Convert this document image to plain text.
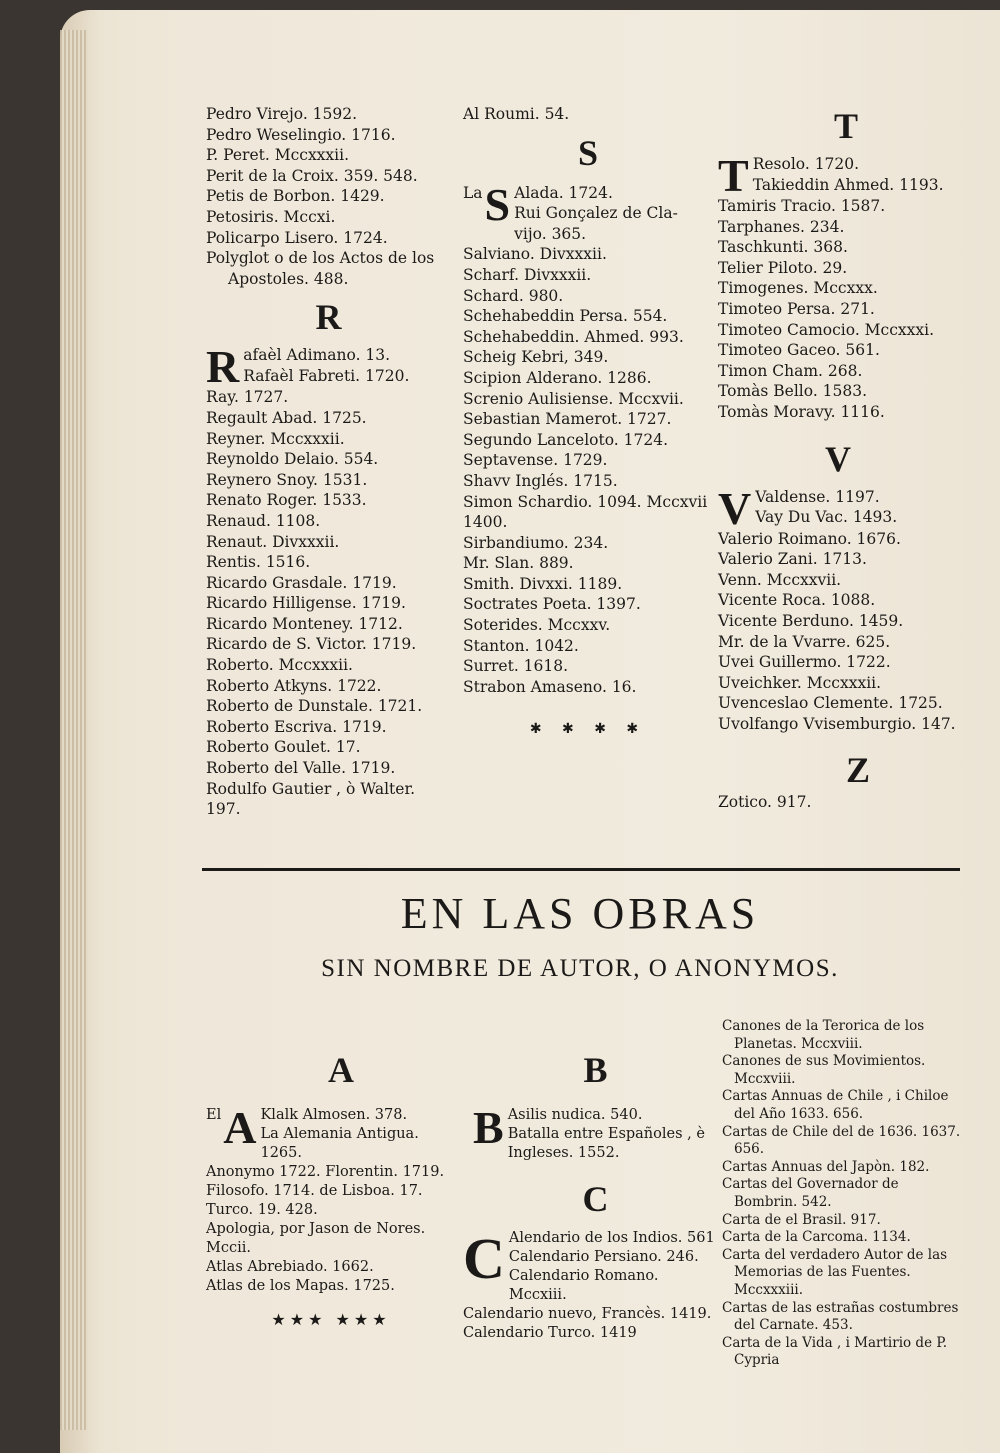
Pedro Virejo. 1592.
Pedro Weselingio. 1716.
P. Peret. Mccxxxii.
Perit de la Croix. 359. 548.
Petis de Borbon. 1429.
Petosiris. Mccxi.
Policarpo Lisero. 1724.
Polyglot o de los Actos de los
Apostoles. 488.
R
R afaèl Adimano. 13.
Rafaèl Fabreti. 1720.
Ray. 1727.
Regault Abad. 1725.
Reyner. Mccxxxii.
Reynoldo Delaio. 554.
Reynero Snoy. 1531.
Renato Roger. 1533.
Renaud. 1108.
Renaut. Divxxxii.
Rentis. 1516.
Ricardo Grasdale. 1719.
Ricardo Hilligense. 1719.
Ricardo Monteney. 1712.
Ricardo de S. Victor. 1719.
Roberto. Mccxxxii.
Roberto Atkyns. 1722.
Roberto de Dunstale. 1721.
Roberto Escriva. 1719.
Roberto Goulet. 17.
Roberto del Valle. 1719.
Rodulfo Gautier , ò Walter.
197.
Al Roumi. 54.
S
La S Alada. 1724.
Rui Gonçalez de Cla-
vijo. 365.
Salviano. Divxxxii.
Scharf. Divxxxii.
Schard. 980.
Schehabeddin Persa. 554.
Schehabeddin. Ahmed. 993.
Scheig Kebri, 349.
Scipion Alderano. 1286.
Screnio Aulisiense. Mccxvii.
Sebastian Mamerot. 1727.
Segundo Lanceloto. 1724.
Septavense. 1729.
Shavv Inglés. 1715.
Simon Schardio. 1094. Mccxvii
1400.
Sirbandiumo. 234.
Mr. Slan. 889.
Smith. Divxxi. 1189.
Soctrates Poeta. 1397.
Soterides. Mccxxv.
Stanton. 1042.
Surret. 1618.
Strabon Amaseno. 16.
✱ ✱ ✱ ✱
T
T Resolo. 1720.
Takieddin Ahmed. 1193.
Tamiris Tracio. 1587.
Tarphanes. 234.
Taschkunti. 368.
Telier Piloto. 29.
Timogenes. Mccxxx.
Timoteo Persa. 271.
Timoteo Camocio. Mccxxxi.
Timoteo Gaceo. 561.
Timon Cham. 268.
Tomàs Bello. 1583.
Tomàs Moravy. 1116.
V
V Valdense. 1197.
Vay Du Vac. 1493.
Valerio Roimano. 1676.
Valerio Zani. 1713.
Venn. Mccxxvii.
Vicente Roca. 1088.
Vicente Berduno. 1459.
Mr. de la Vvarre. 625.
Uvei Guillermo. 1722.
Uveichker. Mccxxxii.
Uvenceslao Clemente. 1725.
Uvolfango Vvisemburgio. 147.
Z
Zotico. 917.
EN LAS OBRAS
SIN NOMBRE DE AUTOR, O ANONYMOS.
A
El A Klalk Almosen. 378.
La Alemania Antigua.
1265.
Anonymo 1722. Florentin. 1719.
Filosofo. 1714. de Lisboa. 17.
Turco. 19. 428.
Apologia, por Jason de Nores.
Mccii.
Atlas Abrebiado. 1662.
Atlas de los Mapas. 1725.
★★★ ★★★
B
B Asilis nudica. 540.
Batalla entre Españoles , è
Ingleses. 1552.
C
C Alendario de los Indios. 561
Calendario Persiano. 246.
Calendario Romano.
Mccxiii.
Calendario nuevo, Francès. 1419.
Calendario Turco. 1419
Canones de la Terorica de los Planetas. Mccxviii.
Canones de sus Movimientos. Mccxviii.
Cartas Annuas de Chile , i Chiloe del Año 1633. 656.
Cartas de Chile del de 1636. 1637. 656.
Cartas Annuas del Japòn. 182.
Cartas del Governador de Bombrin. 542.
Carta de el Brasil. 917.
Carta de la Carcoma. 1134.
Carta del verdadero Autor de las Memorias de las Fuentes. Mccxxxiii.
Cartas de las estrañas costumbres del Carnate. 453.
Carta de la Vida , i Martirio de P. Cypria
